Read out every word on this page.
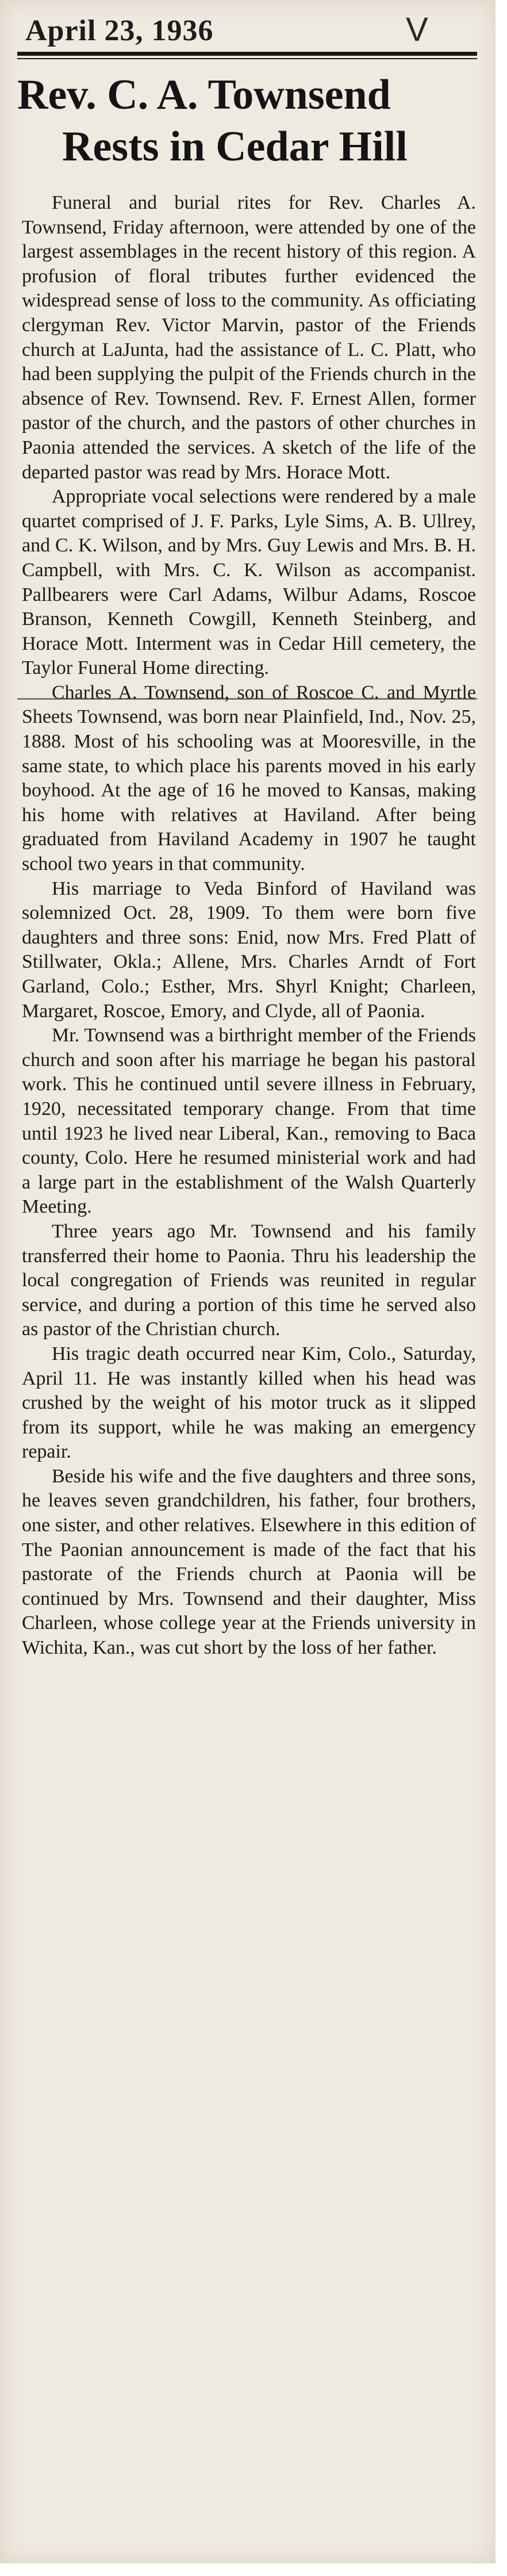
April 23, 1936	V
Rev. C. A. Townsend
Rests in Cedar Hill

Funeral and burial rites for Rev. Charles A. Townsend, Friday afternoon, were attended by one of the largest assemblages in the recent history of this region. A profusion of floral tributes further evidenced the widespread sense of loss to the community. As officiating clergyman Rev. Victor Marvin, pastor of the Friends church at LaJunta, had the assistance of L. C. Platt, who had been supplying the pulpit of the Friends church in the absence of Rev. Townsend. Rev. F. Ernest Allen, former pastor of the church, and the pastors of other churches in Paonia attended the services. A sketch of the life of the departed pastor was read by Mrs. Horace Mott.

Appropriate vocal selections were rendered by a male quartet comprised of J. F. Parks, Lyle Sims, A. B. Ullrey, and C. K. Wilson, and by Mrs. Guy Lewis and Mrs. B. H. Campbell, with Mrs. C. K. Wilson as accompanist. Pallbearers were Carl Adams, Wilbur Adams, Roscoe Branson, Kenneth Cowgill, Kenneth Steinberg, and Horace Mott. Interment was in Cedar Hill cemetery, the Taylor Funeral Home directing.

Charles A. Townsend, son of Roscoe C. and Myrtle Sheets Townsend, was born near Plainfield, Ind., Nov. 25, 1888. Most of his schooling was at Mooresville, in the same state, to which place his parents moved in his early boyhood. At the age of 16 he moved to Kansas, making his home with relatives at Haviland. After being graduated from Haviland Academy in 1907 he taught school two years in that community.

His marriage to Veda Binford of Haviland was solemnized Oct. 28, 1909. To them were born five daughters and three sons: Enid, now Mrs. Fred Platt of Stillwater, Okla.; Allene, Mrs. Charles Arndt of Fort Garland, Colo.; Esther, Mrs. Shyrl Knight; Charleen, Margaret, Roscoe, Emory, and Clyde, all of Paonia.

Mr. Townsend was a birthright member of the Friends church and soon after his marriage he began his pastoral work. This he continued until severe illness in February, 1920, necessitated temporary change. From that time until 1923 he lived near Liberal, Kan., removing to Baca county, Colo. Here he resumed ministerial work and had a large part in the establishment of the Walsh Quarterly Meeting.

Three years ago Mr. Townsend and his family transferred their home to Paonia. Thru his leadership the local congregation of Friends was reunited in regular service, and during a portion of this time he served also as pastor of the Christian church.

His tragic death occurred near Kim, Colo., Saturday, April 11. He was instantly killed when his head was crushed by the weight of his motor truck as it slipped from its support, while he was making an emergency repair.

Beside his wife and the five daughters and three sons, he leaves seven grandchildren, his father, four brothers, one sister, and other relatives. Elsewhere in this edition of The Paonian announcement is made of the fact that his pastorate of the Friends church at Paonia will be continued by Mrs. Townsend and their daughter, Miss Charleen, whose college year at the Friends university in Wichita, Kan., was cut short by the loss of her father.
